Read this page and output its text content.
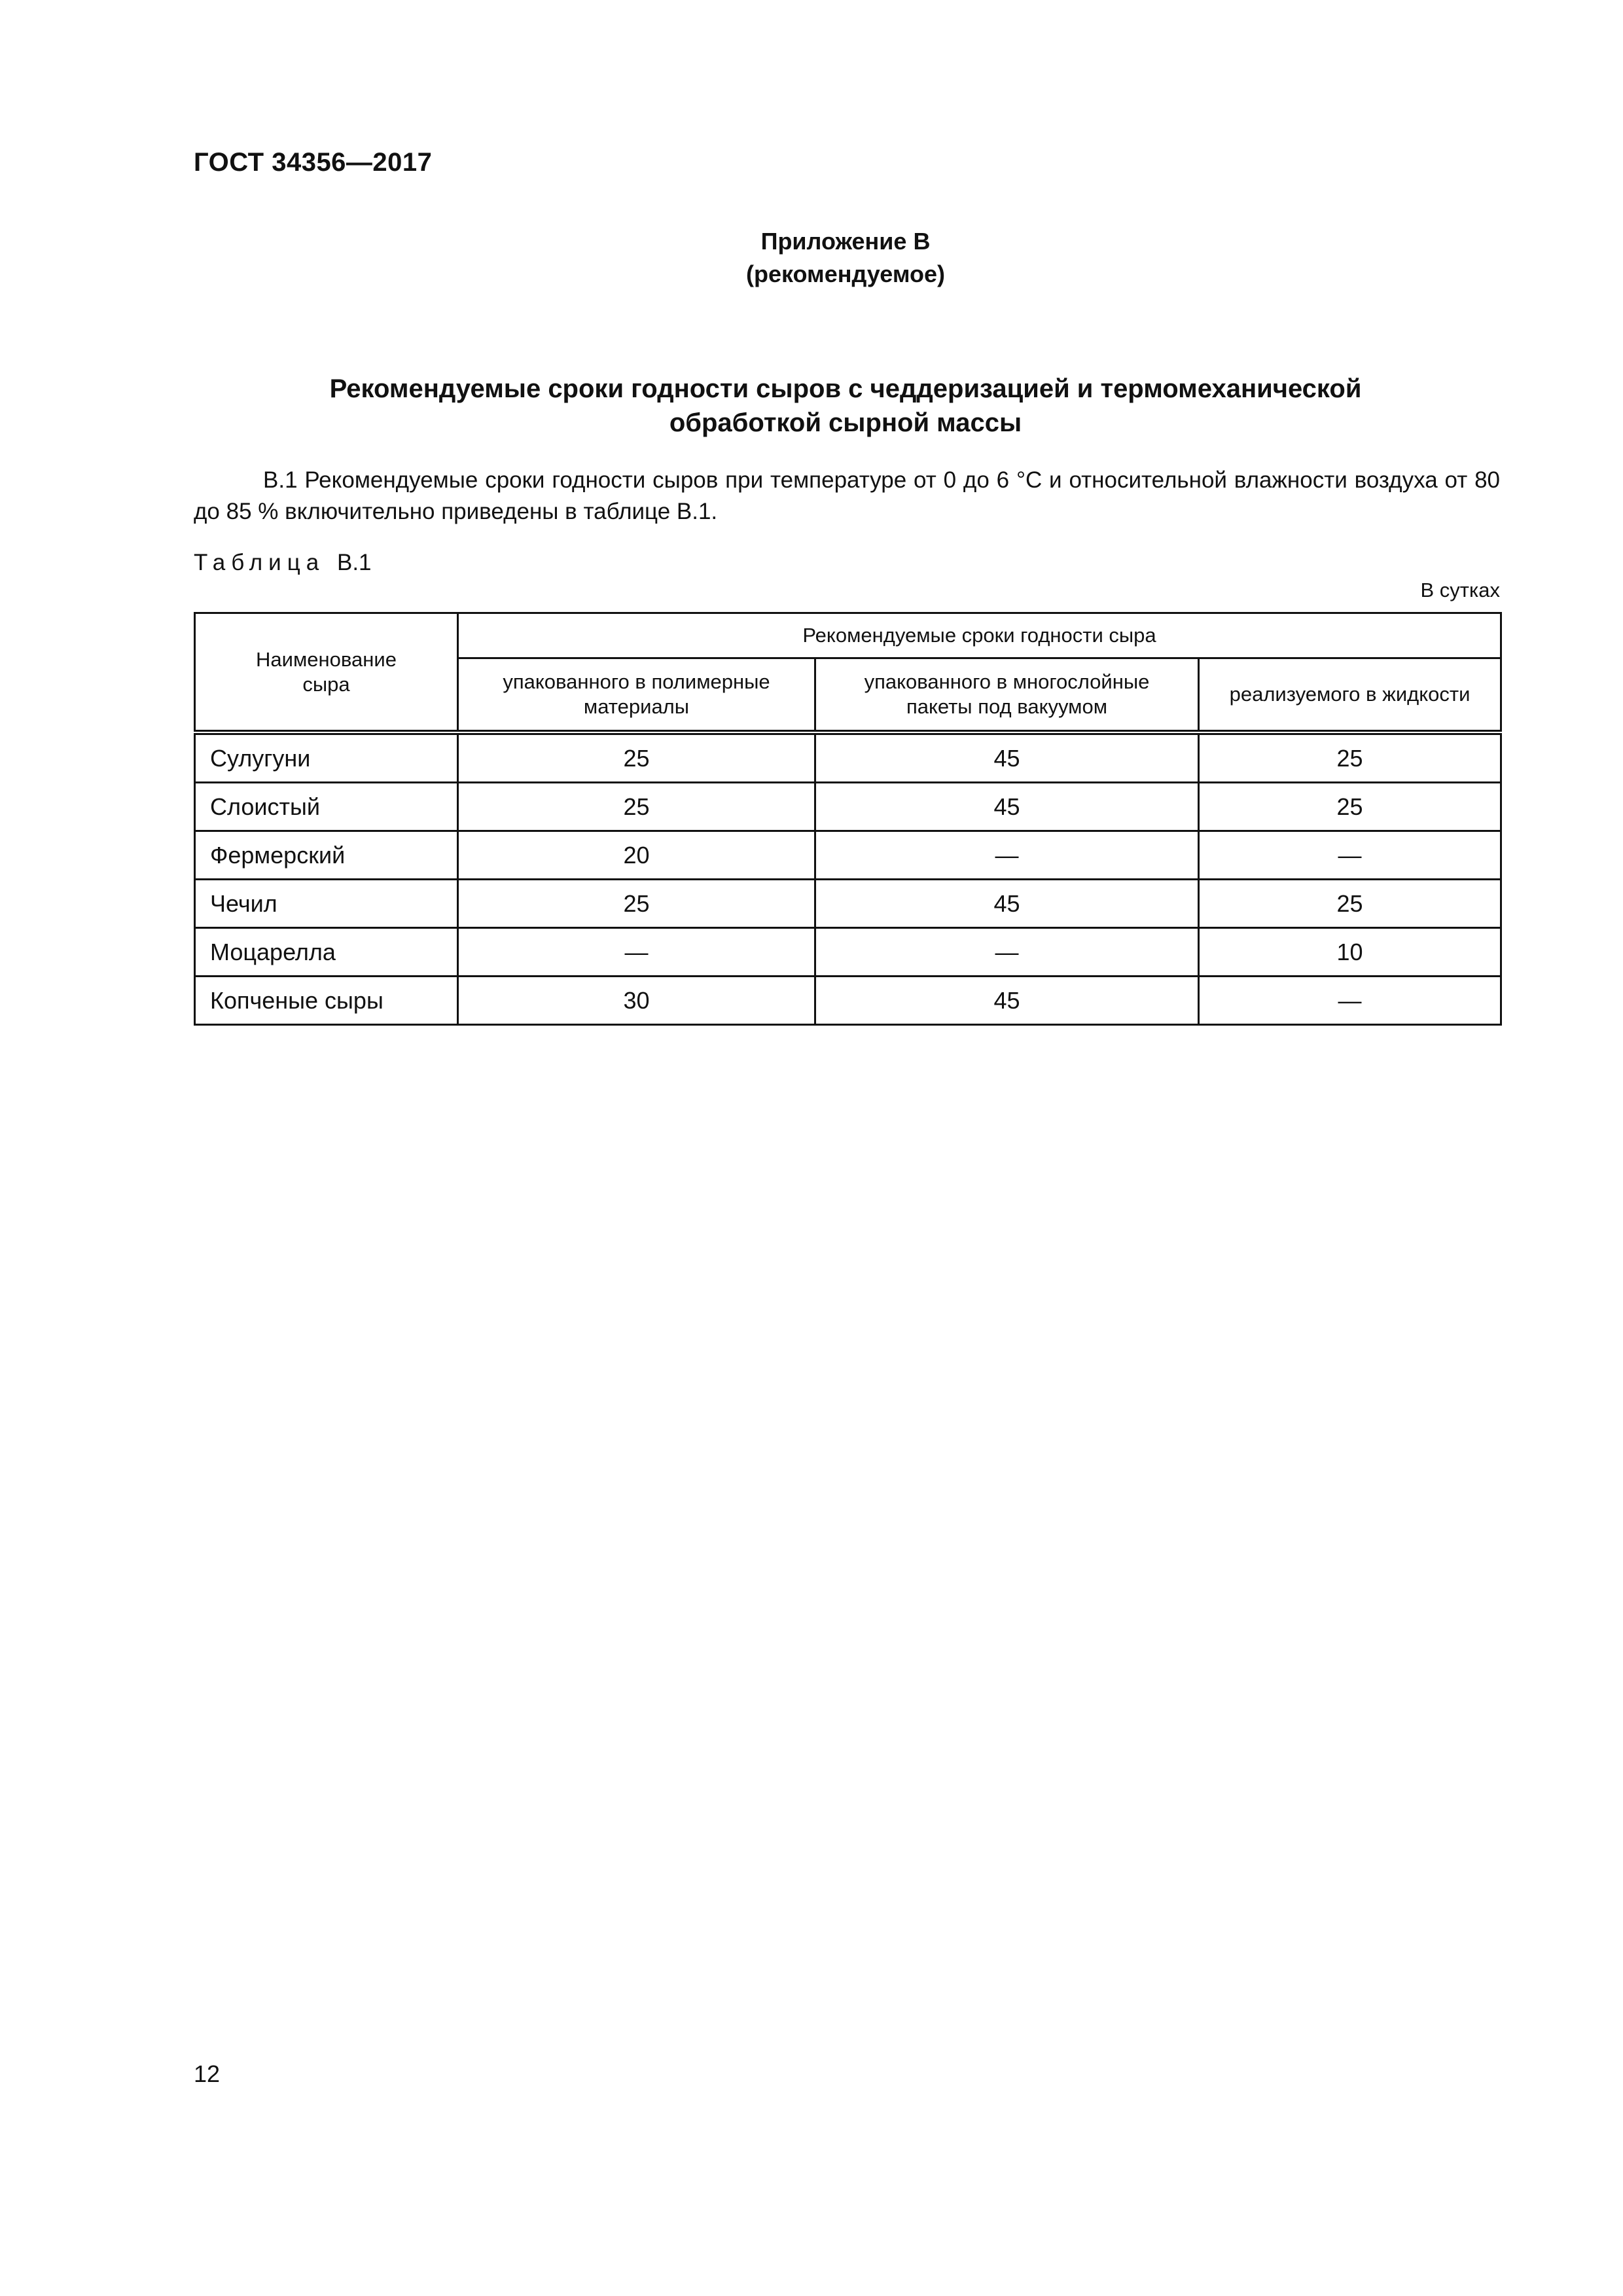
ГОСТ 34356—2017
Приложение В
(рекомендуемое)
Рекомендуемые сроки годности сыров с чеддеризацией и термомеханической
обработкой сырной массы
В.1 Рекомендуемые сроки годности сыров при температуре от 0 до 6 °С и относительной влажности воздуха от 80 до 85 % включительно приведены в таблице В.1.
Таблица В.1
В сутках
Наименование сыра	Рекомендуемые сроки годности сыра		
	упакованного в полимерные материалы	упакованного в многослойные пакеты под вакуумом	реализуемого в жидкости
Сулугуни	25	45	25
Слоистый	25	45	25
Фермерский	20	—	—
Чечил	25	45	25
Моцарелла	—	—	10
Копченые сыры	30	45	—
12
